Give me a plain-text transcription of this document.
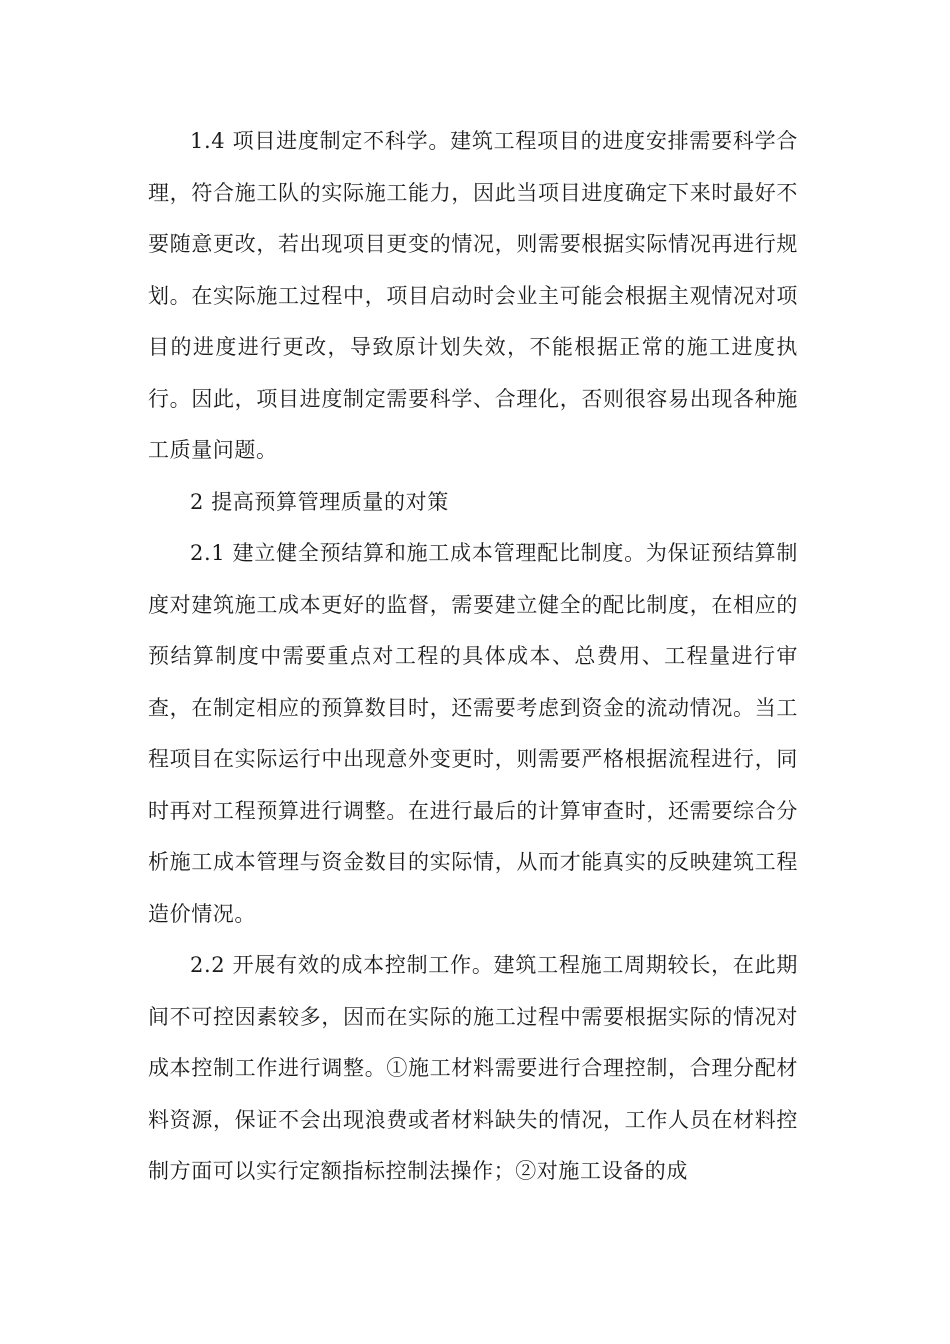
1.4 项目进度制定不科学。建筑工程项目的进度安排需要科学合理，符合施工队的实际施工能力，因此当项目进度确定下来时最好不要随意更改，若出现项目更变的情况，则需要根据实际情况再进行规划。在实际施工过程中，项目启动时会业主可能会根据主观情况对项目的进度进行更改，导致原计划失效，不能根据正常的施工进度执行。因此，项目进度制定需要科学、合理化，否则很容易出现各种施工质量问题。

2 提高预算管理质量的对策

2.1 建立健全预结算和施工成本管理配比制度。为保证预结算制度对建筑施工成本更好的监督，需要建立健全的配比制度，在相应的预结算制度中需要重点对工程的具体成本、总费用、工程量进行审查，在制定相应的预算数目时，还需要考虑到资金的流动情况。当工程项目在实际运行中出现意外变更时，则需要严格根据流程进行，同时再对工程预算进行调整。在进行最后的计算审查时，还需要综合分析施工成本管理与资金数目的实际情，从而才能真实的反映建筑工程造价情况。

2.2 开展有效的成本控制工作。建筑工程施工周期较长，在此期间不可控因素较多，因而在实际的施工过程中需要根据实际的情况对成本控制工作进行调整。①施工材料需要进行合理控制，合理分配材料资源，保证不会出现浪费或者材料缺失的情况，工作人员在材料控制方面可以实行定额指标控制法操作；②对施工设备的成
